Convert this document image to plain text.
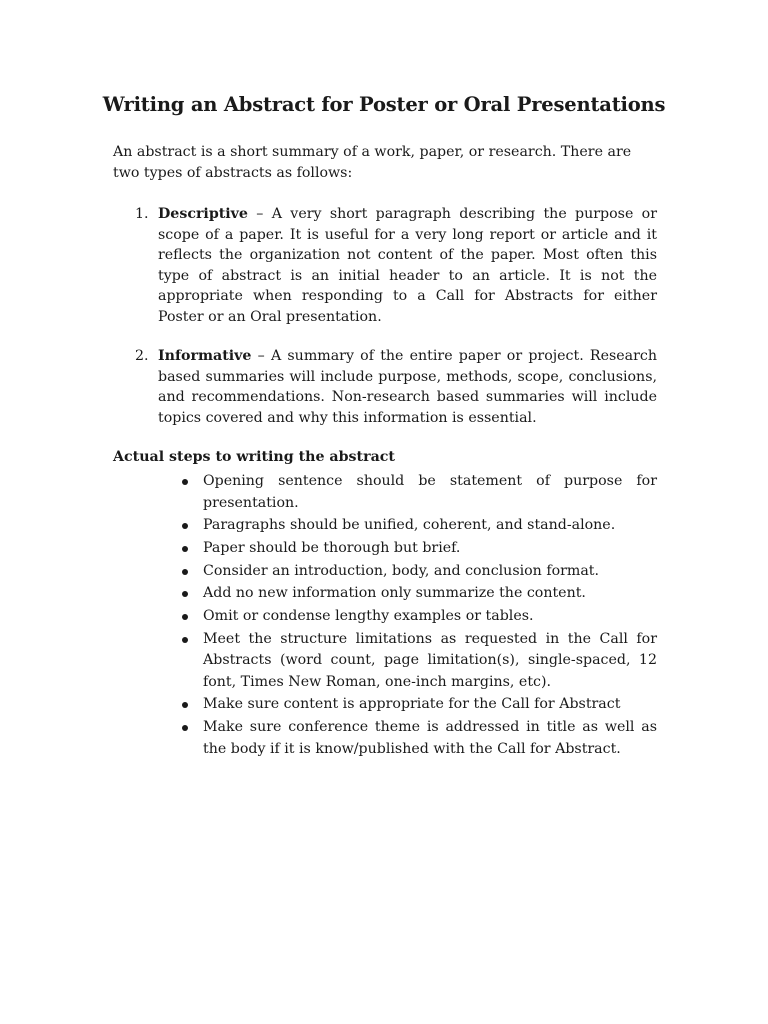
Writing an Abstract for Poster or Oral Presentations

An abstract is a short summary of a work, paper, or research. There are two types of abstracts as follows:

1. Descriptive – A very short paragraph describing the purpose or scope of a paper. It is useful for a very long report or article and it reflects the organization not content of the paper. Most often this type of abstract is an initial header to an article. It is not the appropriate when responding to a Call for Abstracts for either Poster or an Oral presentation.
2. Informative – A summary of the entire paper or project. Research based summaries will include purpose, methods, scope, conclusions, and recommendations. Non-research based summaries will include topics covered and why this information is essential.

Actual steps to writing the abstract

Opening sentence should be statement of purpose for presentation.
Paragraphs should be unified, coherent, and stand-alone.
Paper should be thorough but brief.
Consider an introduction, body, and conclusion format.
Add no new information only summarize the content.
Omit or condense lengthy examples or tables.
Meet the structure limitations as requested in the Call for Abstracts (word count, page limitation(s), single-spaced, 12 font, Times New Roman, one-inch margins, etc).
Make sure content is appropriate for the Call for Abstract
Make sure conference theme is addressed in title as well as the body if it is know/published with the Call for Abstract.
